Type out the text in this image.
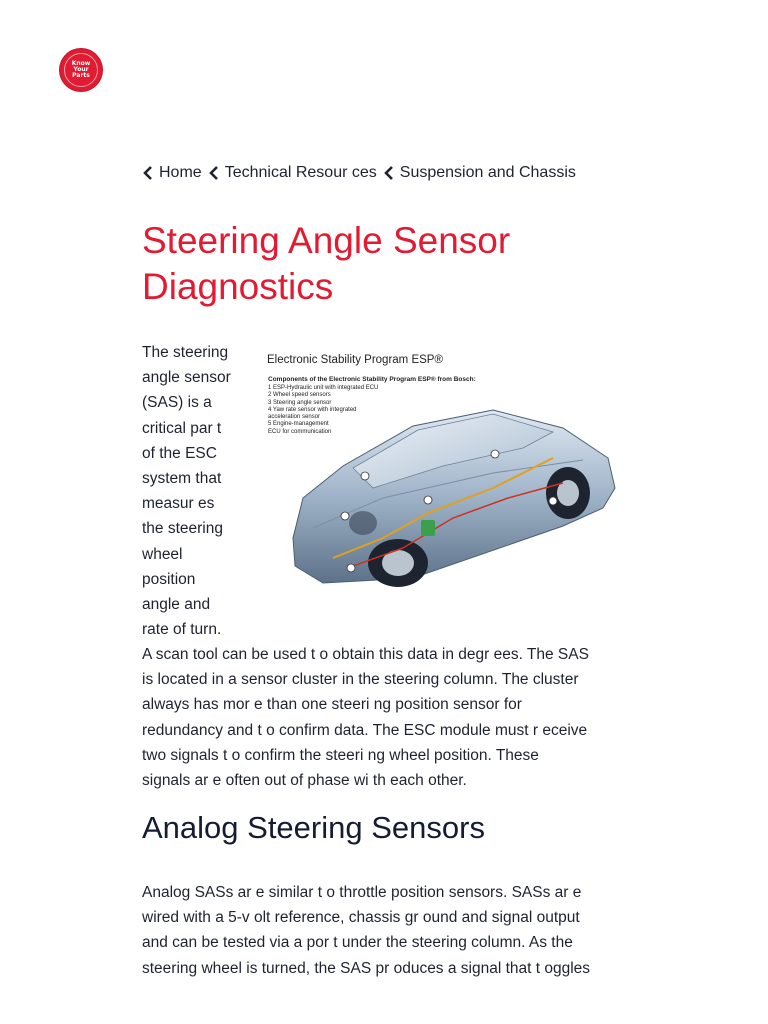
Know
Your
Parts
Home Technical Resour ces Suspension and Chassis
Steering Angle Sensor Diagnostics
The steering
angle sensor
(SAS) is a
critical par t
of the ESC
system that
measur es
the steering
wheel
position
angle and
rate of turn.
Electronic Stability Program ESP®
Components of the Electronic Stability Program ESP® from Bosch:
1 ESP-Hydraulic unit with integrated ECU
2 Wheel speed sensors
3 Steering angle sensor
4 Yaw rate sensor with integrated
acceleration sensor
5 Engine-management
ECU for communication
A scan tool can be used t o obtain this data in degr ees. The SAS
is located in a sensor cluster in the steering column. The cluster
always has mor e than one steeri ng position sensor for
redundancy and t o confirm data. The ESC module must r eceive
two signals t o confirm the steeri ng wheel position. These
signals ar e often out of phase wi th each other.
Analog Steering Sensors
Analog SASs ar e similar t o throttle position sensors. SASs ar e
wired with a 5-v olt reference, chassis gr ound and signal output
and can be tested via a por t under the steering column. As the
steering wheel is turned, the SAS pr oduces a signal that t oggles
